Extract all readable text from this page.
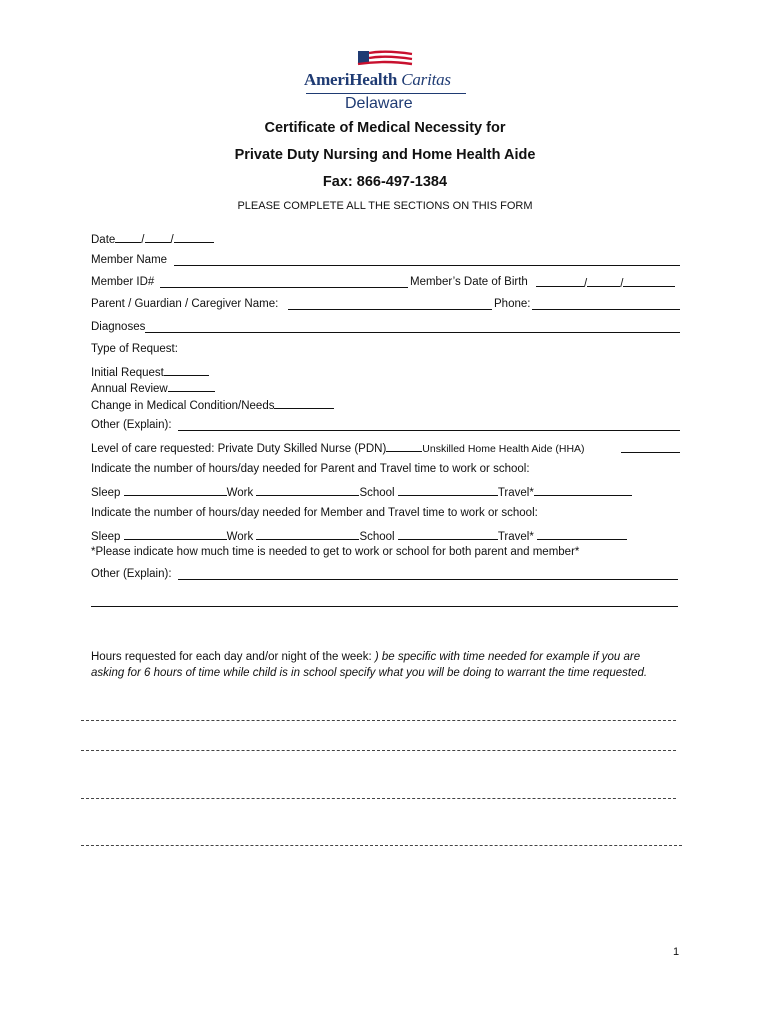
AmeriHealth Caritas
Delaware
Certificate of Medical Necessity for
Private Duty Nursing and Home Health Aide
Fax: 866-497-1384
PLEASE COMPLETE ALL THE SECTIONS ON THIS FORM
Date / /
Member Name
Member ID#	Member’s Date of Birth	/	/
Parent / Guardian / Caregiver Name:	Phone:
Diagnoses
Type of Request:
Initial Request
Annual Review
Change in Medical Condition/Needs
Other (Explain):
Level of care requested: Private Duty Skilled Nurse (PDN)	Unskilled Home Health Aide (HHA)
Indicate the number of hours/day needed for Parent and Travel time to work or school:
Sleep	Work	School	Travel*
Indicate the number of hours/day needed for Member and Travel time to work or school:
Sleep	Work	School	Travel*
*Please indicate how much time is needed to get to work or school for both parent and member*
Other (Explain):
Hours requested for each day and/or night of the week: ) be specific with time needed for example if you are
asking for 6 hours of time while child is in school specify what you will be doing to warrant the time requested.
1
